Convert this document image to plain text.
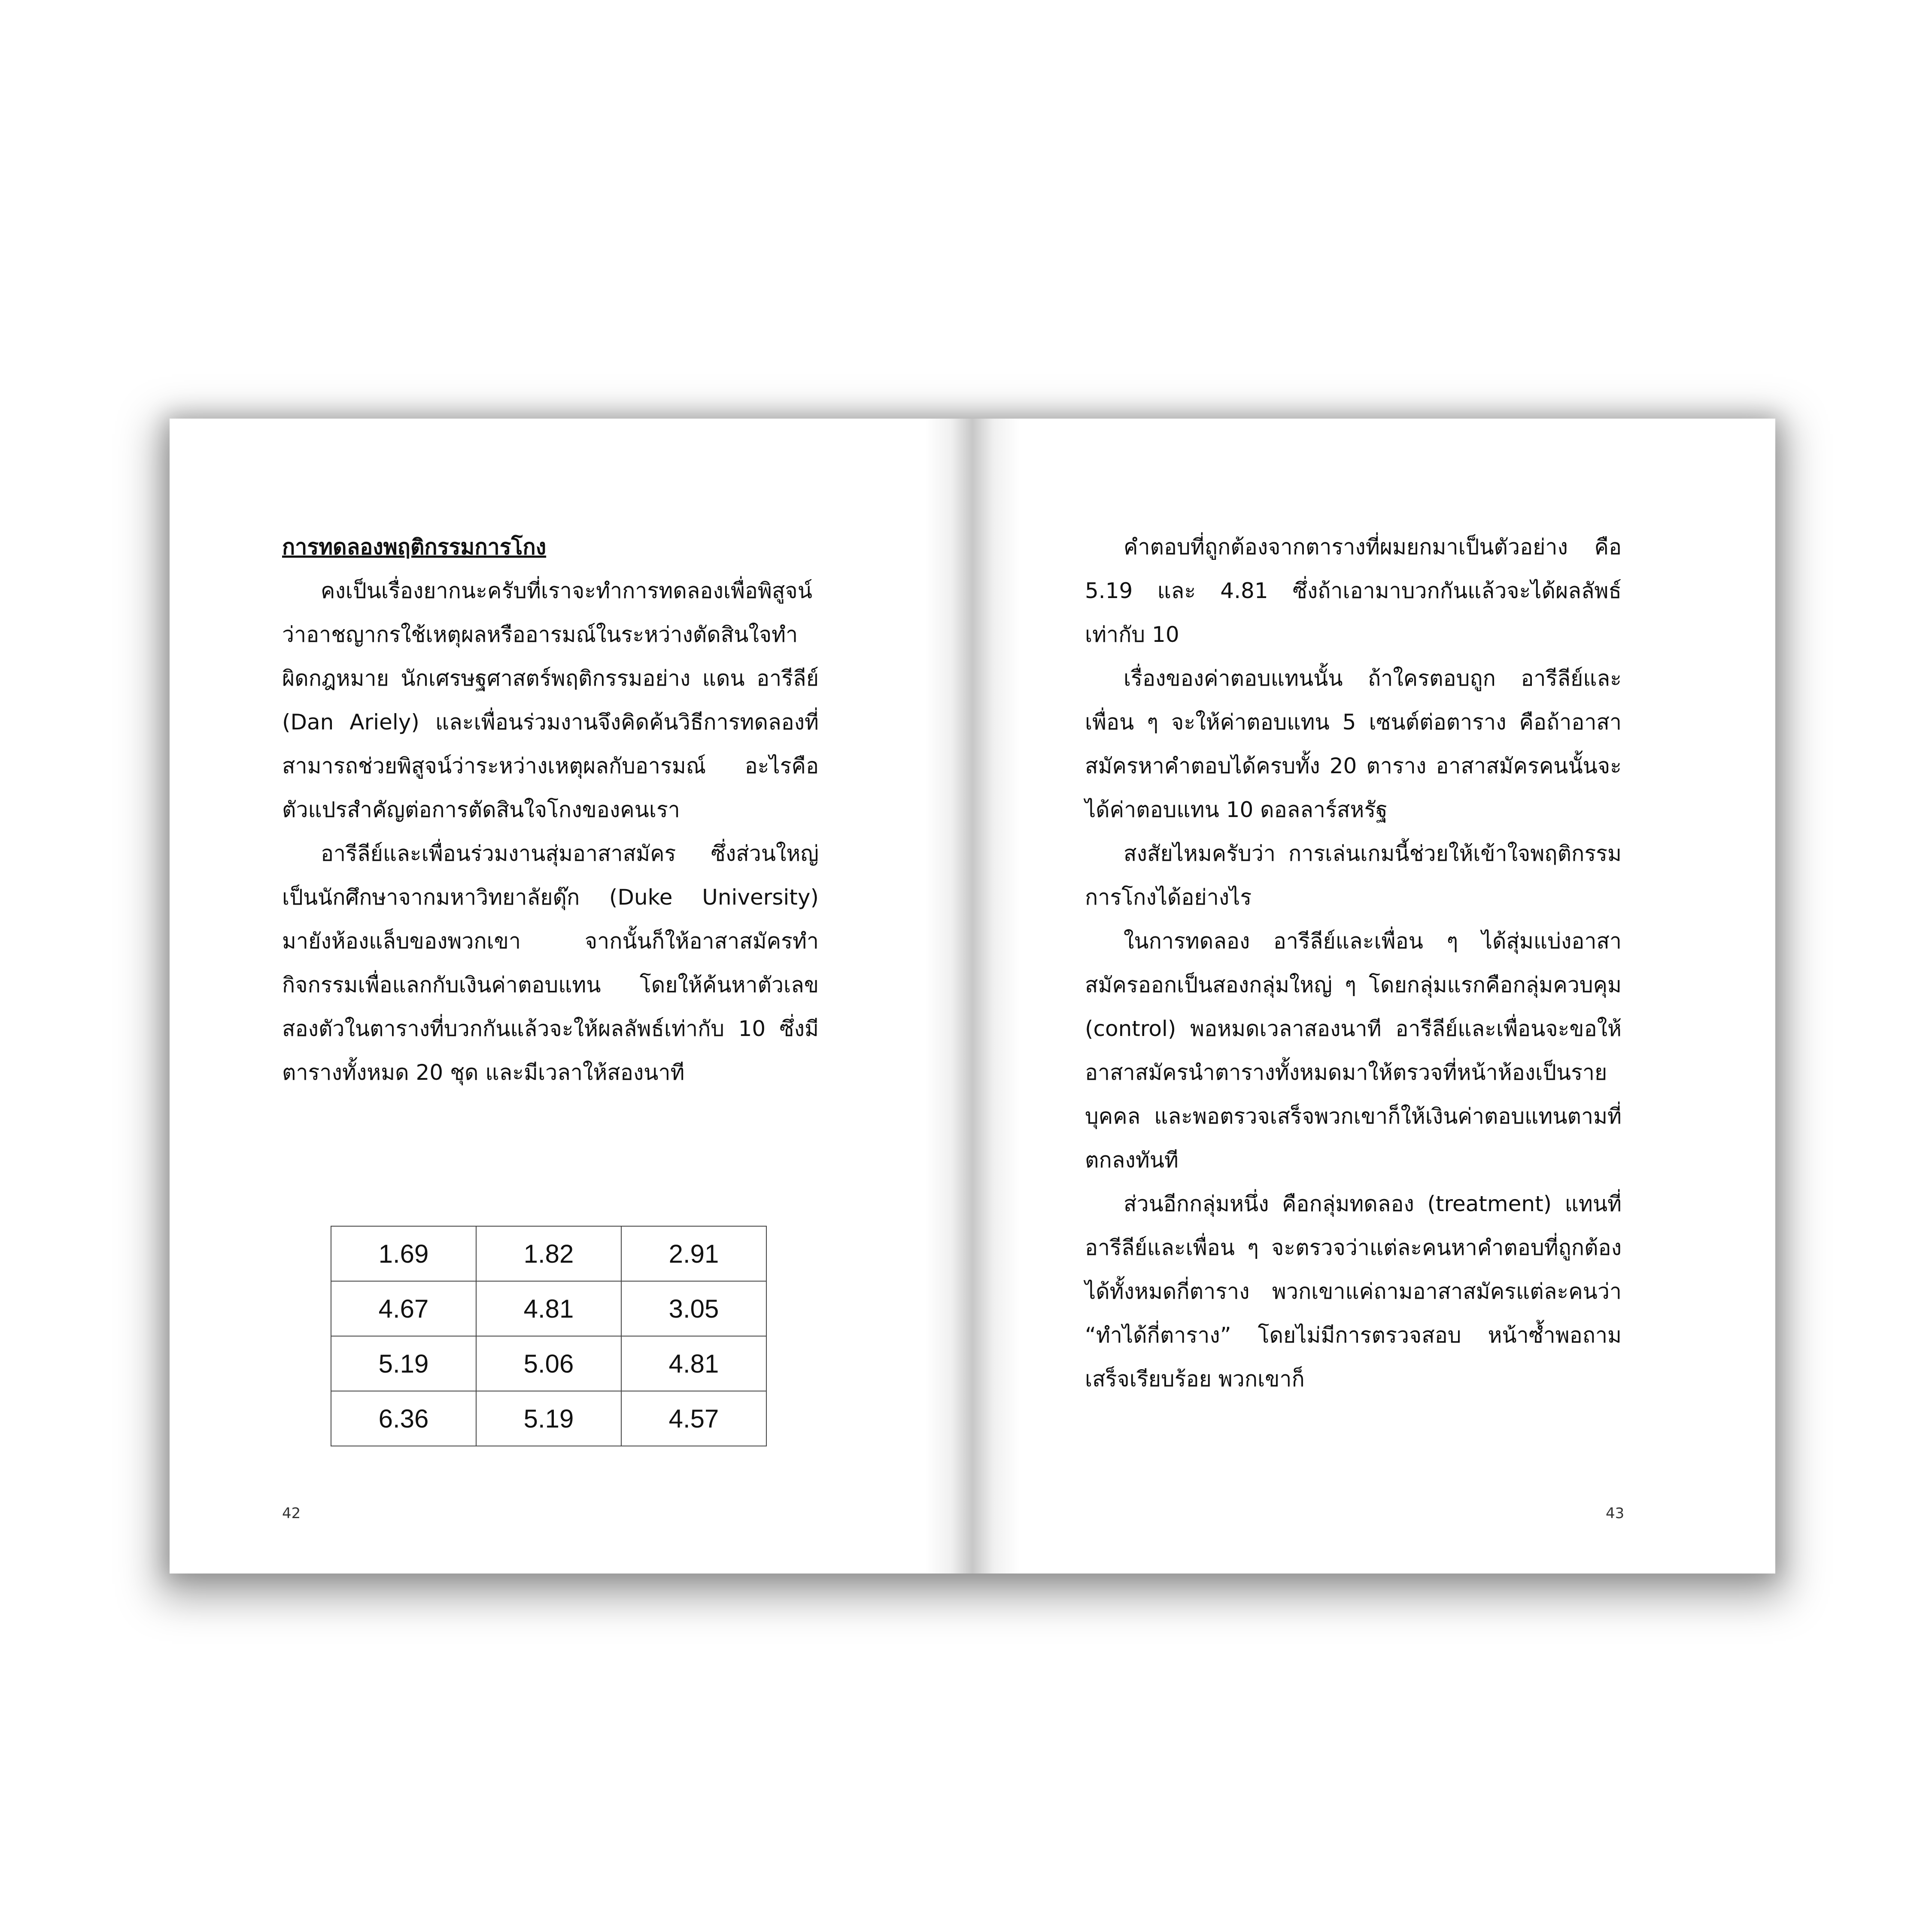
การทดลองพฤติกรรมการโกง

คงเป็นเรื่องยากนะครับที่เราจะทำการทดลองเพื่อพิสูจน์ว่าอาชญากรใช้เหตุผลหรืออารมณ์ในระหว่างตัดสินใจทำผิดกฎหมาย นักเศรษฐศาสตร์พฤติกรรมอย่าง แดน อารีลีย์ (Dan Ariely) และเพื่อนร่วมงานจึงคิดค้นวิธีการทดลองที่สามารถช่วยพิสูจน์ว่าระหว่างเหตุผลกับอารมณ์ อะไรคือตัวแปรสำคัญต่อการตัดสินใจโกงของคนเรา

อารีลีย์และเพื่อนร่วมงานสุ่มอาสาสมัคร ซึ่งส่วนใหญ่เป็นนักศึกษาจากมหาวิทยาลัยดุ๊ก (Duke University) มายังห้องแล็บของพวกเขา จากนั้นก็ให้อาสาสมัครทำกิจกรรมเพื่อแลกกับเงินค่าตอบแทน โดยให้ค้นหาตัวเลขสองตัวในตารางที่บวกกันแล้วจะให้ผลลัพธ์เท่ากับ 10 ซึ่งมีตารางทั้งหมด 20 ชุด และมีเวลาให้สองนาที

1.69	1.82	2.91
4.67	4.81	3.05
5.19	5.06	4.81
6.36	5.19	4.57
42

คำตอบที่ถูกต้องจากตารางที่ผมยกมาเป็นตัวอย่าง คือ 5.19 และ 4.81 ซึ่งถ้าเอามาบวกกันแล้วจะได้ผลลัพธ์เท่ากับ 10

เรื่องของค่าตอบแทนนั้น ถ้าใครตอบถูก อารีลีย์และเพื่อน ๆ จะให้ค่าตอบแทน 5 เซนต์ต่อตาราง คือถ้าอาสาสมัครหาคำตอบได้ครบทั้ง 20 ตาราง อาสาสมัครคนนั้นจะได้ค่าตอบแทน 10 ดอลลาร์สหรัฐ

สงสัยไหมครับว่า การเล่นเกมนี้ช่วยให้เข้าใจพฤติกรรมการโกงได้อย่างไร

ในการทดลอง อารีลีย์และเพื่อน ๆ ได้สุ่มแบ่งอาสาสมัครออกเป็นสองกลุ่มใหญ่ ๆ โดยกลุ่มแรกคือกลุ่มควบคุม (control) พอหมดเวลาสองนาที อารีลีย์และเพื่อนจะขอให้อาสาสมัครนำตารางทั้งหมดมาให้ตรวจที่หน้าห้องเป็นรายบุคคล และพอตรวจเสร็จพวกเขาก็ให้เงินค่าตอบแทนตามที่ตกลงทันที

ส่วนอีกกลุ่มหนึ่ง คือกลุ่มทดลอง (treatment) แทนที่อารีลีย์และเพื่อน ๆ จะตรวจว่าแต่ละคนหาคำตอบที่ถูกต้องได้ทั้งหมดกี่ตาราง พวกเขาแค่ถามอาสาสมัครแต่ละคนว่า “ทำได้กี่ตาราง” โดยไม่มีการตรวจสอบ หน้าซ้ำพอถามเสร็จเรียบร้อย พวกเขาก็

43
